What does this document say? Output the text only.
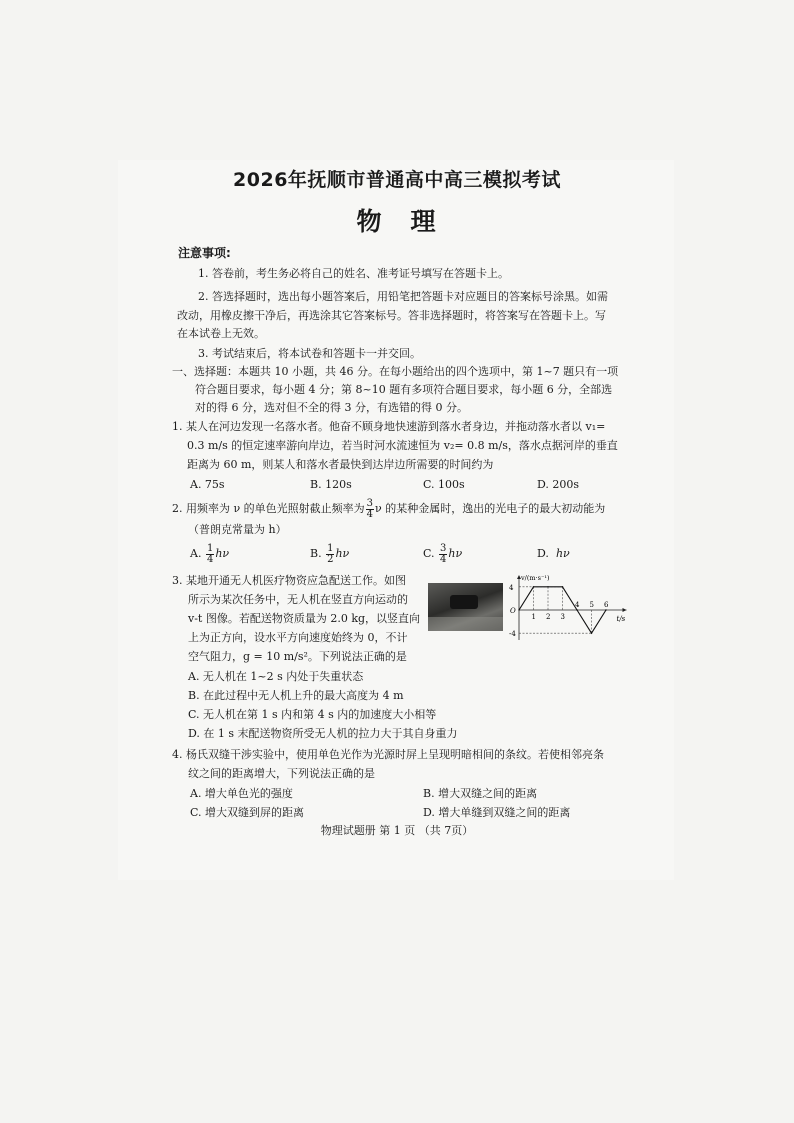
2026年抚顺市普通高中高三模拟考试
物　理
注意事项:
1. 答卷前，考生务必将自己的姓名、准考证号填写在答题卡上。
2. 答选择题时，选出每小题答案后，用铅笔把答题卡对应题目的答案标号涂黑。如需
改动，用橡皮擦干净后，再选涂其它答案标号。答非选择题时，将答案写在答题卡上。写
在本试卷上无效。
3. 考试结束后，将本试卷和答题卡一并交回。
一、选择题：本题共 10 小题，共 46 分。在每小题给出的四个选项中，第 1~7 题只有一项
符合题目要求，每小题 4 分；第 8~10 题有多项符合题目要求，每小题 6 分，全部选
对的得 6 分，选对但不全的得 3 分，有选错的得 0 分。
1. 某人在河边发现一名落水者。他奋不顾身地快速游到落水者身边，并拖动落水者以 v₁=
0.3 m/s 的恒定速率游向岸边，若当时河水流速恒为 v₂= 0.8 m/s，落水点据河岸的垂直
距离为 60 m，则某人和落水者最快到达岸边所需要的时间约为
A. 75s	B. 120s	C. 100s	D. 200s
2. 用频率为 ν 的单色光照射截止频率为 $\frac{3}{4}$ ν 的某种金属时，逸出的光电子的最大初动能为
（普朗克常量为 h）
A. $\frac{1}{4}$ hν	B. $\frac{1}{2}$ hν	C. $\frac{3}{4}$ hν	D. hν
3. 某地开通无人机医疗物资应急配送工作。如图
所示为某次任务中，无人机在竖直方向运动的
v-t 图像。若配送物资质量为 2.0 kg，以竖直向
上为正方向，设水平方向速度始终为 0，不计
空气阻力，g = 10 m/s²。下列说法正确的是
A. 无人机在 1~2 s 内处于失重状态
B. 在此过程中无人机上升的最大高度为 4 m
C. 无人机在第 1 s 内和第 4 s 内的加速度大小相等
D. 在 1 s 末配送物资所受无人机的拉力大于其自身重力
v/(m·s⁻¹)
t/s
O
4
-4
1 2 3
4 5 6
4. 杨氏双缝干涉实验中，使用单色光作为光源时屏上呈现明暗相间的条纹。若使相邻亮条
纹之间的距离增大，下列说法正确的是
A. 增大单色光的强度	B. 增大双缝之间的距离
C. 增大双缝到屏的距离	D. 增大单缝到双缝之间的距离
物理试题册 第 1 页 （共 7页）
